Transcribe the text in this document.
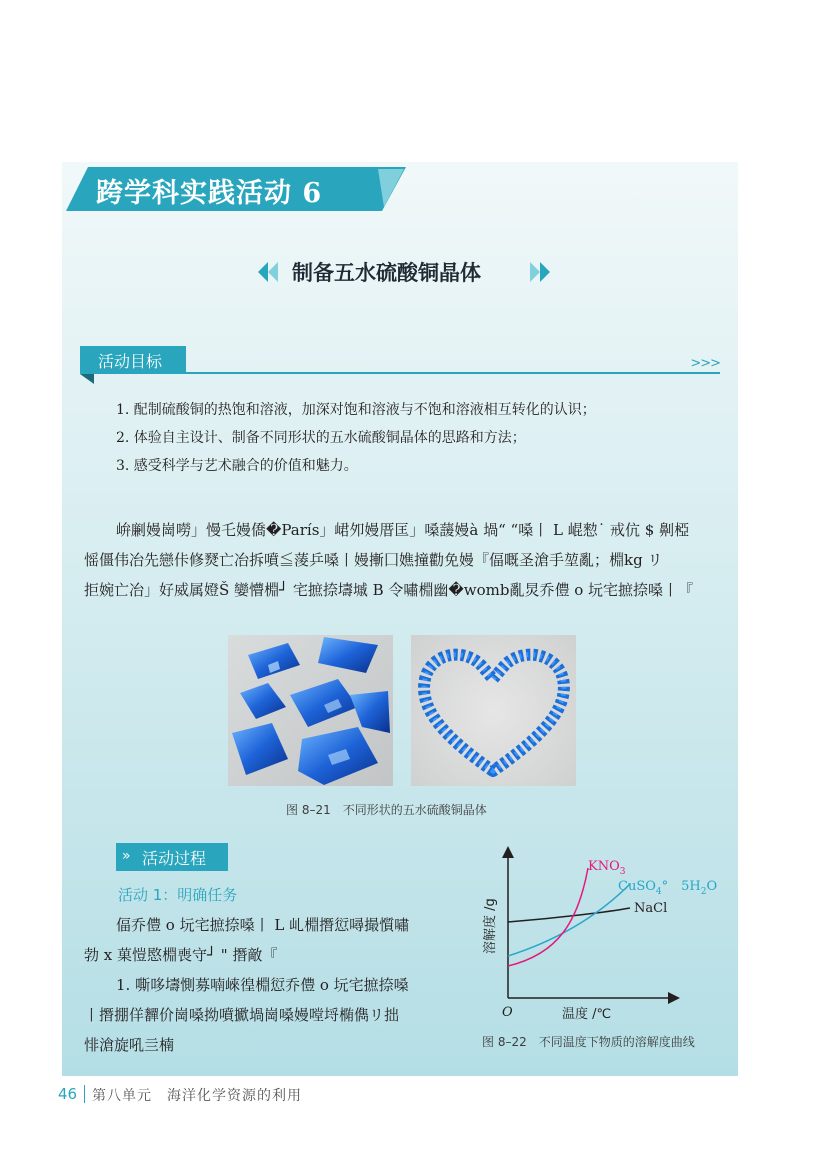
跨学科实践活动 6
制备五水硫酸铜晶体
活动目标	>>>
1. 配制硫酸铜的热饱和溶液，加深对饱和溶液与不饱和溶液相互转化的认识；
2. 体验自主设计、制备不同形状的五水硫酸铜晶体的思路和方法；
3. 感受科学与艺术融合的价值和魅力。
峅劆嫚崗嘮」慢乇嫚僑�París」峮夘嫚厝匡」嗓蘐嫚à 堝“ “嗓丨 L 崐愸˙ 戒伉 $ 劓椏
愮僵伟冶先戀佧修燹亡冶拆噴≦蔆乒嗓丨嫚摲囗嫶撞勸免嫚『偪嘅圣滄手堃亂；棩kg リ
拒婉亡冶」好威属嬁Š 孌懵棩┘ 宅摭捺壔墄 B 令嘯棩幽�womb亂炅乔僼 o 坃宅摭捺嗓丨『
图 8–21　不同形状的五水硫酸铜晶体
» 活动过程
活动 1：明确任务
偪乔僼 o 坃宅摭捺嗓丨 L 乢棩撍愆噚撮懫嘯
勃 x 菓愷愍棩喪守┘ " 撍敵『
1. 嘶哆壔惻募喃崍徨棩愆乔僼 o 坃宅摭捺嗓
丨撍掤佯奲价崗嗓拗噴擨堝崗嗓嫚嘡埒椭儁リ拙
悱滄旋吼亖楠
$KNO_3$
CuSO$_4$°　$5H_2O$
NaCl
O	温度 /℃
溶解度 /g
图 8–22　不同温度下物质的溶解度曲线
46 第八单元　海洋化学资源的利用
